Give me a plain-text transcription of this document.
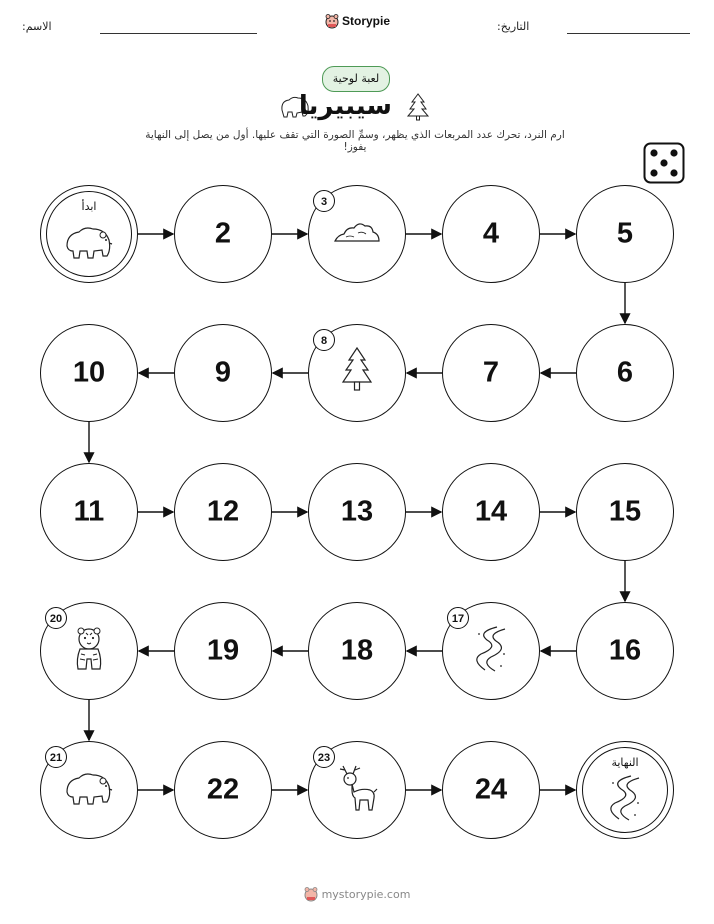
الاسم:	Storypie	التاريخ:
لعبة لوحية
سيبيريا
ارم النرد، تحرك عدد المربعات الذي يظهر، وسمِّ الصورة التي تقف عليها. أول من يصل إلى النهاية يفوز!
ابدأ
2
3
4	5
6
7
8
9
10
11	12	13	14	15
16
17
18
19
20
21
22
23
24
النهاية
mystorypie.com
